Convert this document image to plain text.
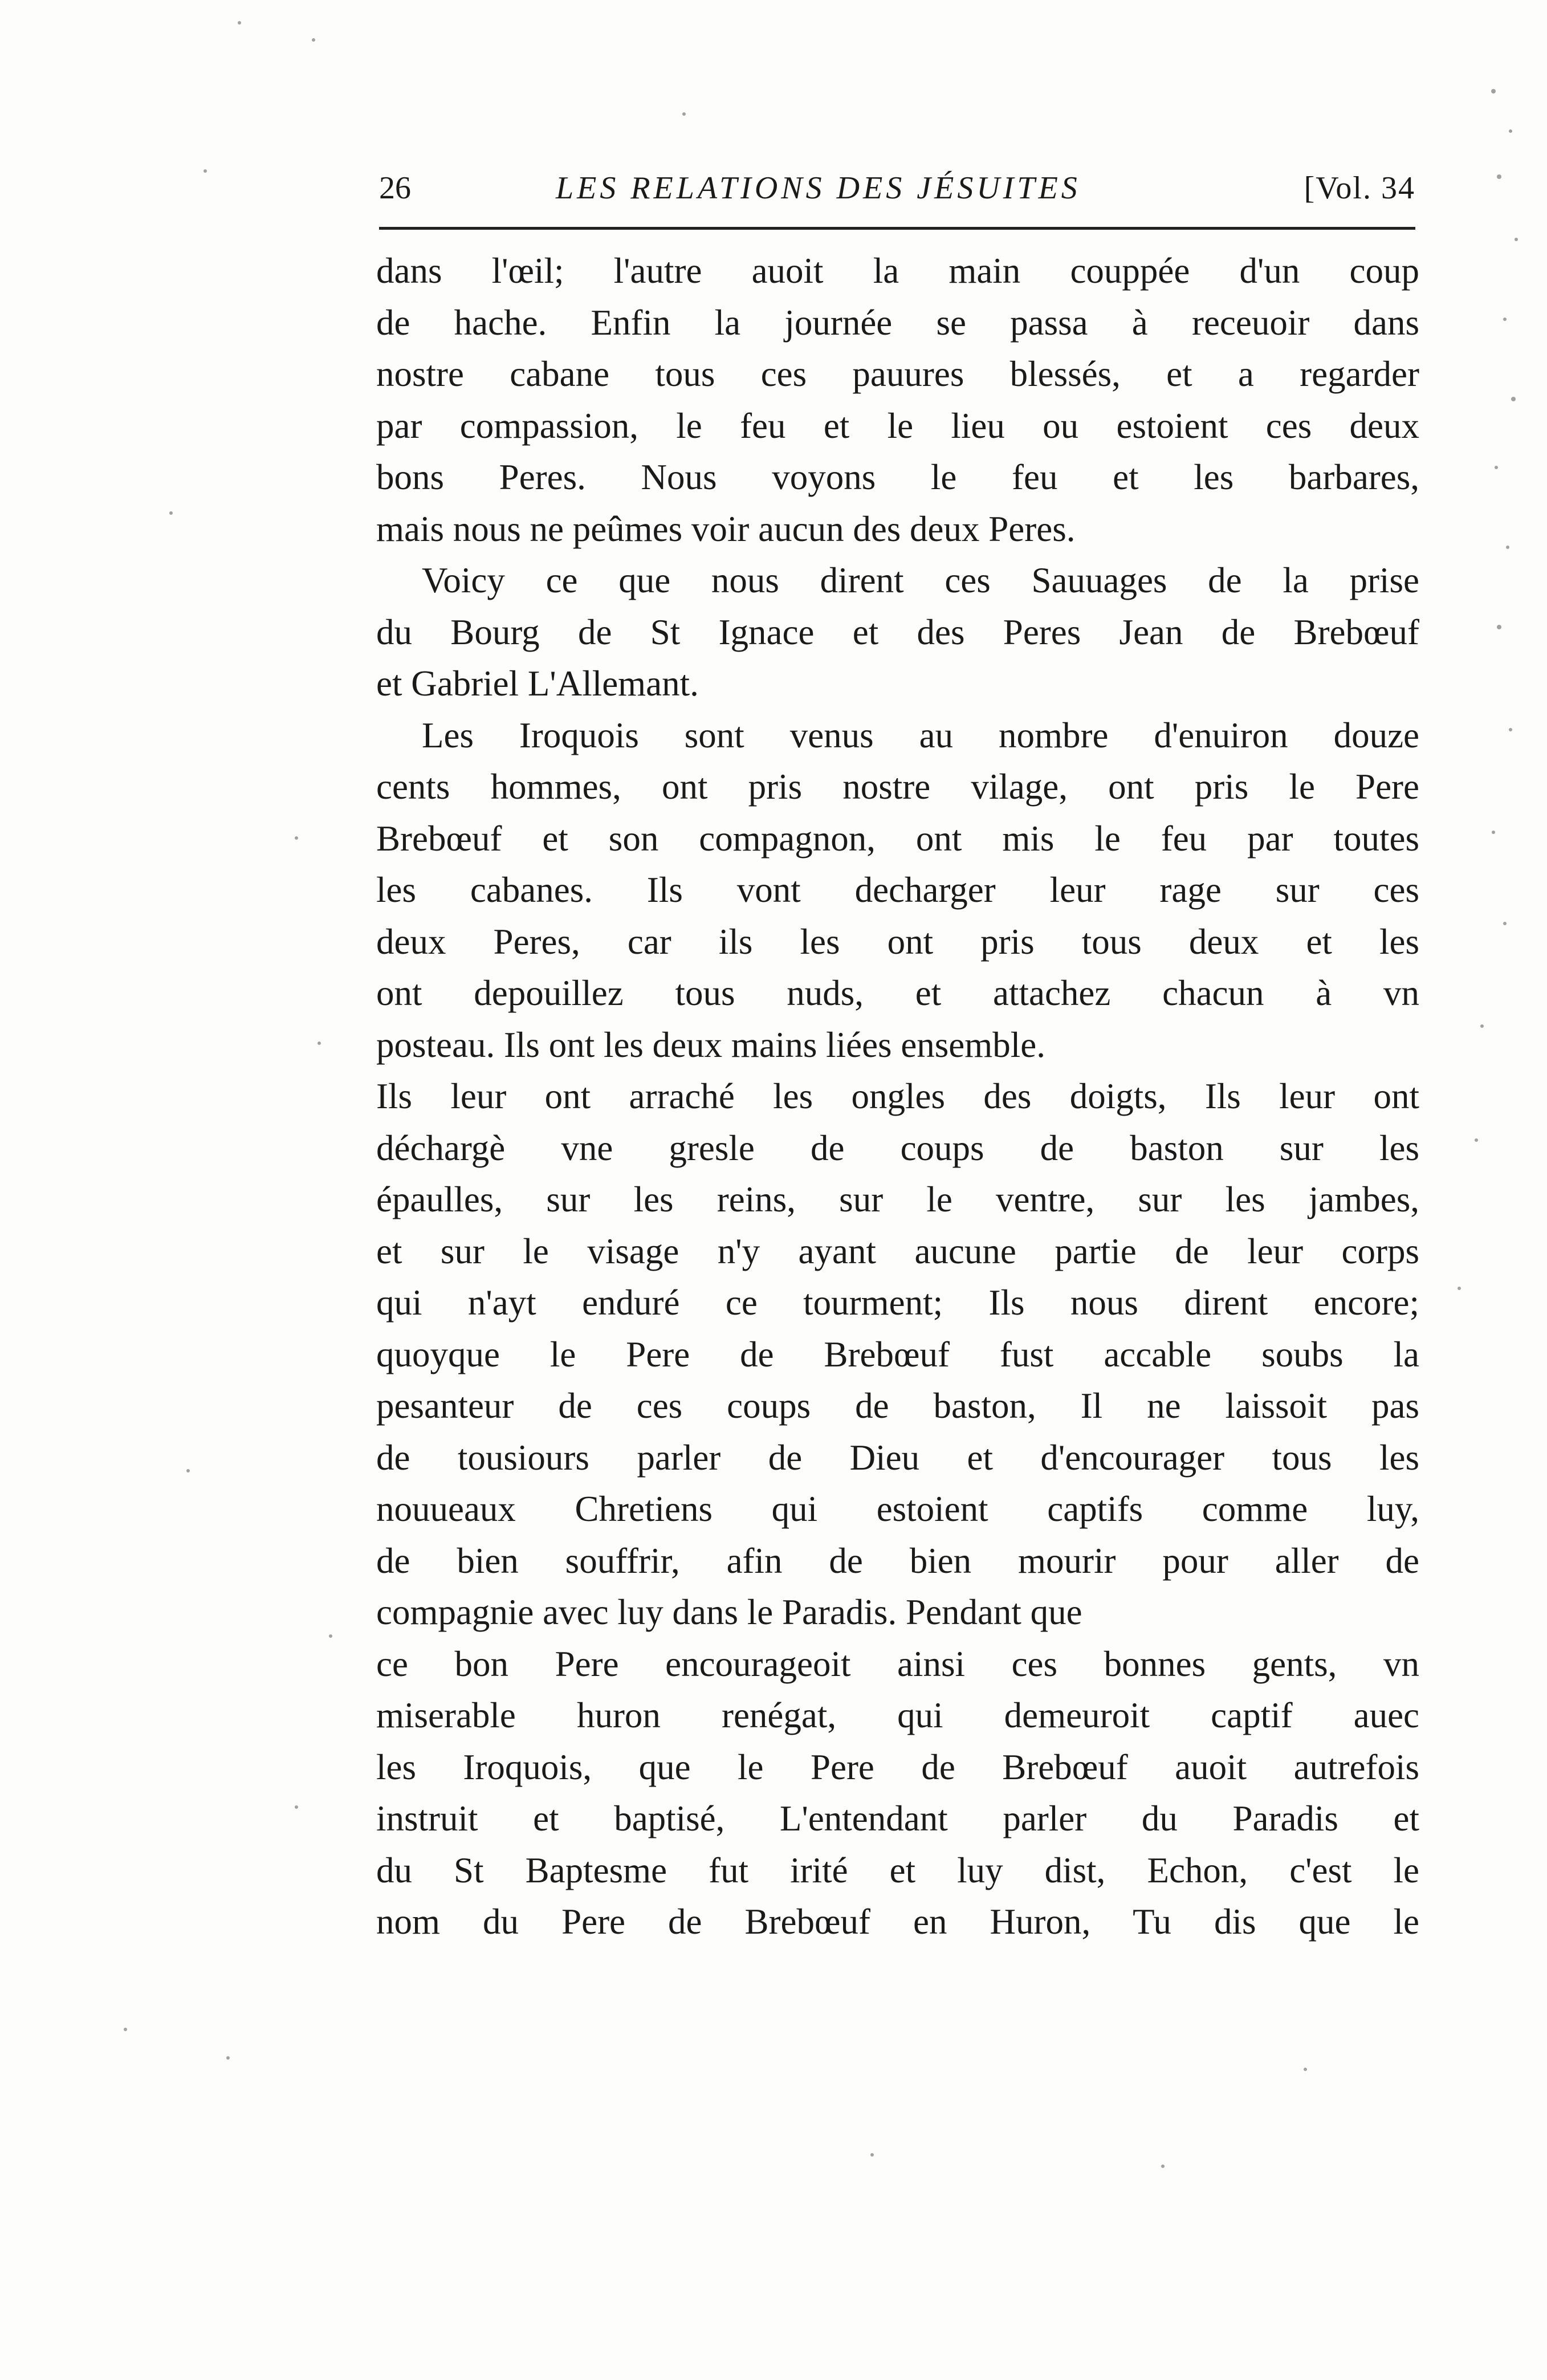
26	LES RELATIONS DES JÉSUITES	[Vol. 34
dans l'œil; l'autre auoit la main couppée d'un coup
de hache. Enfin la journée se passa à receuoir dans
nostre cabane tous ces pauures blessés, et a regarder
par compassion, le feu et le lieu ou estoient ces deux
bons Peres. Nous voyons le feu et les barbares,
mais nous ne peûmes voir aucun des deux Peres.
Voicy ce que nous dirent ces Sauuages de la prise
du Bourg de St Ignace et des Peres Jean de Brebœuf
et Gabriel L'Allemant.
Les Iroquois sont venus au nombre d'enuiron douze
cents hommes, ont pris nostre vilage, ont pris le Pere
Brebœuf et son compagnon, ont mis le feu par toutes
les cabanes. Ils vont decharger leur rage sur ces
deux Peres, car ils les ont pris tous deux et les
ont depouillez tous nuds, et attachez chacun à vn
posteau. Ils ont les deux mains liées ensemble.
Ils leur ont arraché les ongles des doigts, Ils leur ont
déchargè vne gresle de coups de baston sur les
épaulles, sur les reins, sur le ventre, sur les jambes,
et sur le visage n'y ayant aucune partie de leur corps
qui n'ayt enduré ce tourment; Ils nous dirent encore;
quoyque le Pere de Brebœuf fust accable soubs la
pesanteur de ces coups de baston, Il ne laissoit pas
de tousiours parler de Dieu et d'encourager tous les
nouueaux Chretiens qui estoient captifs comme luy,
de bien souffrir, afin de bien mourir pour aller de
compagnie avec luy dans le Paradis. Pendant que
ce bon Pere encourageoit ainsi ces bonnes gents, vn
miserable huron renégat, qui demeuroit captif auec
les Iroquois, que le Pere de Brebœuf auoit autrefois
instruit et baptisé, L'entendant parler du Paradis et
du St Baptesme fut irité et luy dist, Echon, c'est le
nom du Pere de Brebœuf en Huron, Tu dis que le
